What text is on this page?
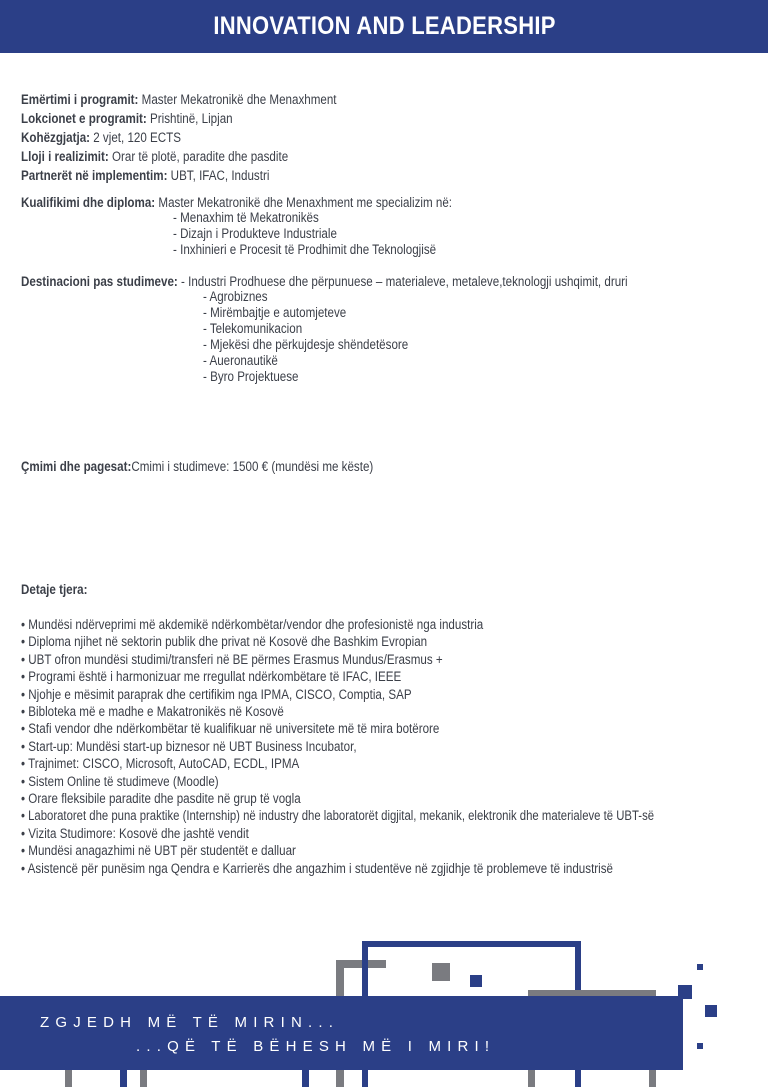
INNOVATION AND LEADERSHIP
Emërtimi i programit: Master Mekatronikë dhe Menaxhment
Lokcionet e programit: Prishtinë, Lipjan
Kohëzgjatja: 2 vjet, 120 ECTS
Lloji i realizimit: Orar të plotë, paradite dhe pasdite
Partnerët në implementim: UBT, IFAC, Industri
Kualifikimi dhe diploma: Master Mekatronikë dhe Menaxhment me specializim në:
- Menaxhim të Mekatronikës
- Dizajn i Produkteve Industriale
- Inxhinieri e Procesit të Prodhimit dhe Teknologjisë
Destinacioni pas studimeve: - Industri Prodhuese dhe përpunuese – materialeve, metaleve,teknologji ushqimit, druri
- Agrobiznes
- Mirëmbajtje e automjeteve
- Telekomunikacion
- Mjekësi dhe përkujdesje shëndetësore
- Aueronautikë
- Byro Projektuese
Çmimi dhe pagesat:Cmimi i studimeve: 1500 € (mundësi me këste)
Detaje tjera:
• Mundësi ndërveprimi më akdemikë ndërkombëtar/vendor dhe profesionistë nga industria
• Diploma njihet në sektorin publik dhe privat në Kosovë dhe Bashkim Evropian
• UBT ofron mundësi studimi/transferi në BE përmes Erasmus Mundus/Erasmus +
• Programi është i harmonizuar me rregullat ndërkombëtare të IFAC, IEEE
• Njohje e mësimit paraprak dhe certifikim nga IPMA, CISCO, Comptia, SAP
• Bibloteka më e madhe e Makatronikës në Kosovë
• Stafi vendor dhe ndërkombëtar të kualifikuar në universitete më të mira botërore
• Start-up: Mundësi start-up biznesor në UBT Business Incubator,
• Trajnimet: CISCO, Microsoft, AutoCAD, ECDL, IPMA
• Sistem Online të studimeve (Moodle)
• Orare fleksibile paradite dhe pasdite në grup të vogla
• Laboratoret dhe puna praktike (Internship) në industry dhe laboratorët digjital, mekanik, elektronik dhe materialeve të UBT-së
• Vizita Studimore: Kosovë dhe jashtë vendit
• Mundësi anagazhimi në UBT për studentët e dalluar
• Asistencë për punësim nga Qendra e Karrierës dhe angazhim i studentëve në zgjidhje të problemeve të industrisë
ZGJEDH MË TË MIRIN...
...QË TË BËHESH MË I MIRI!
